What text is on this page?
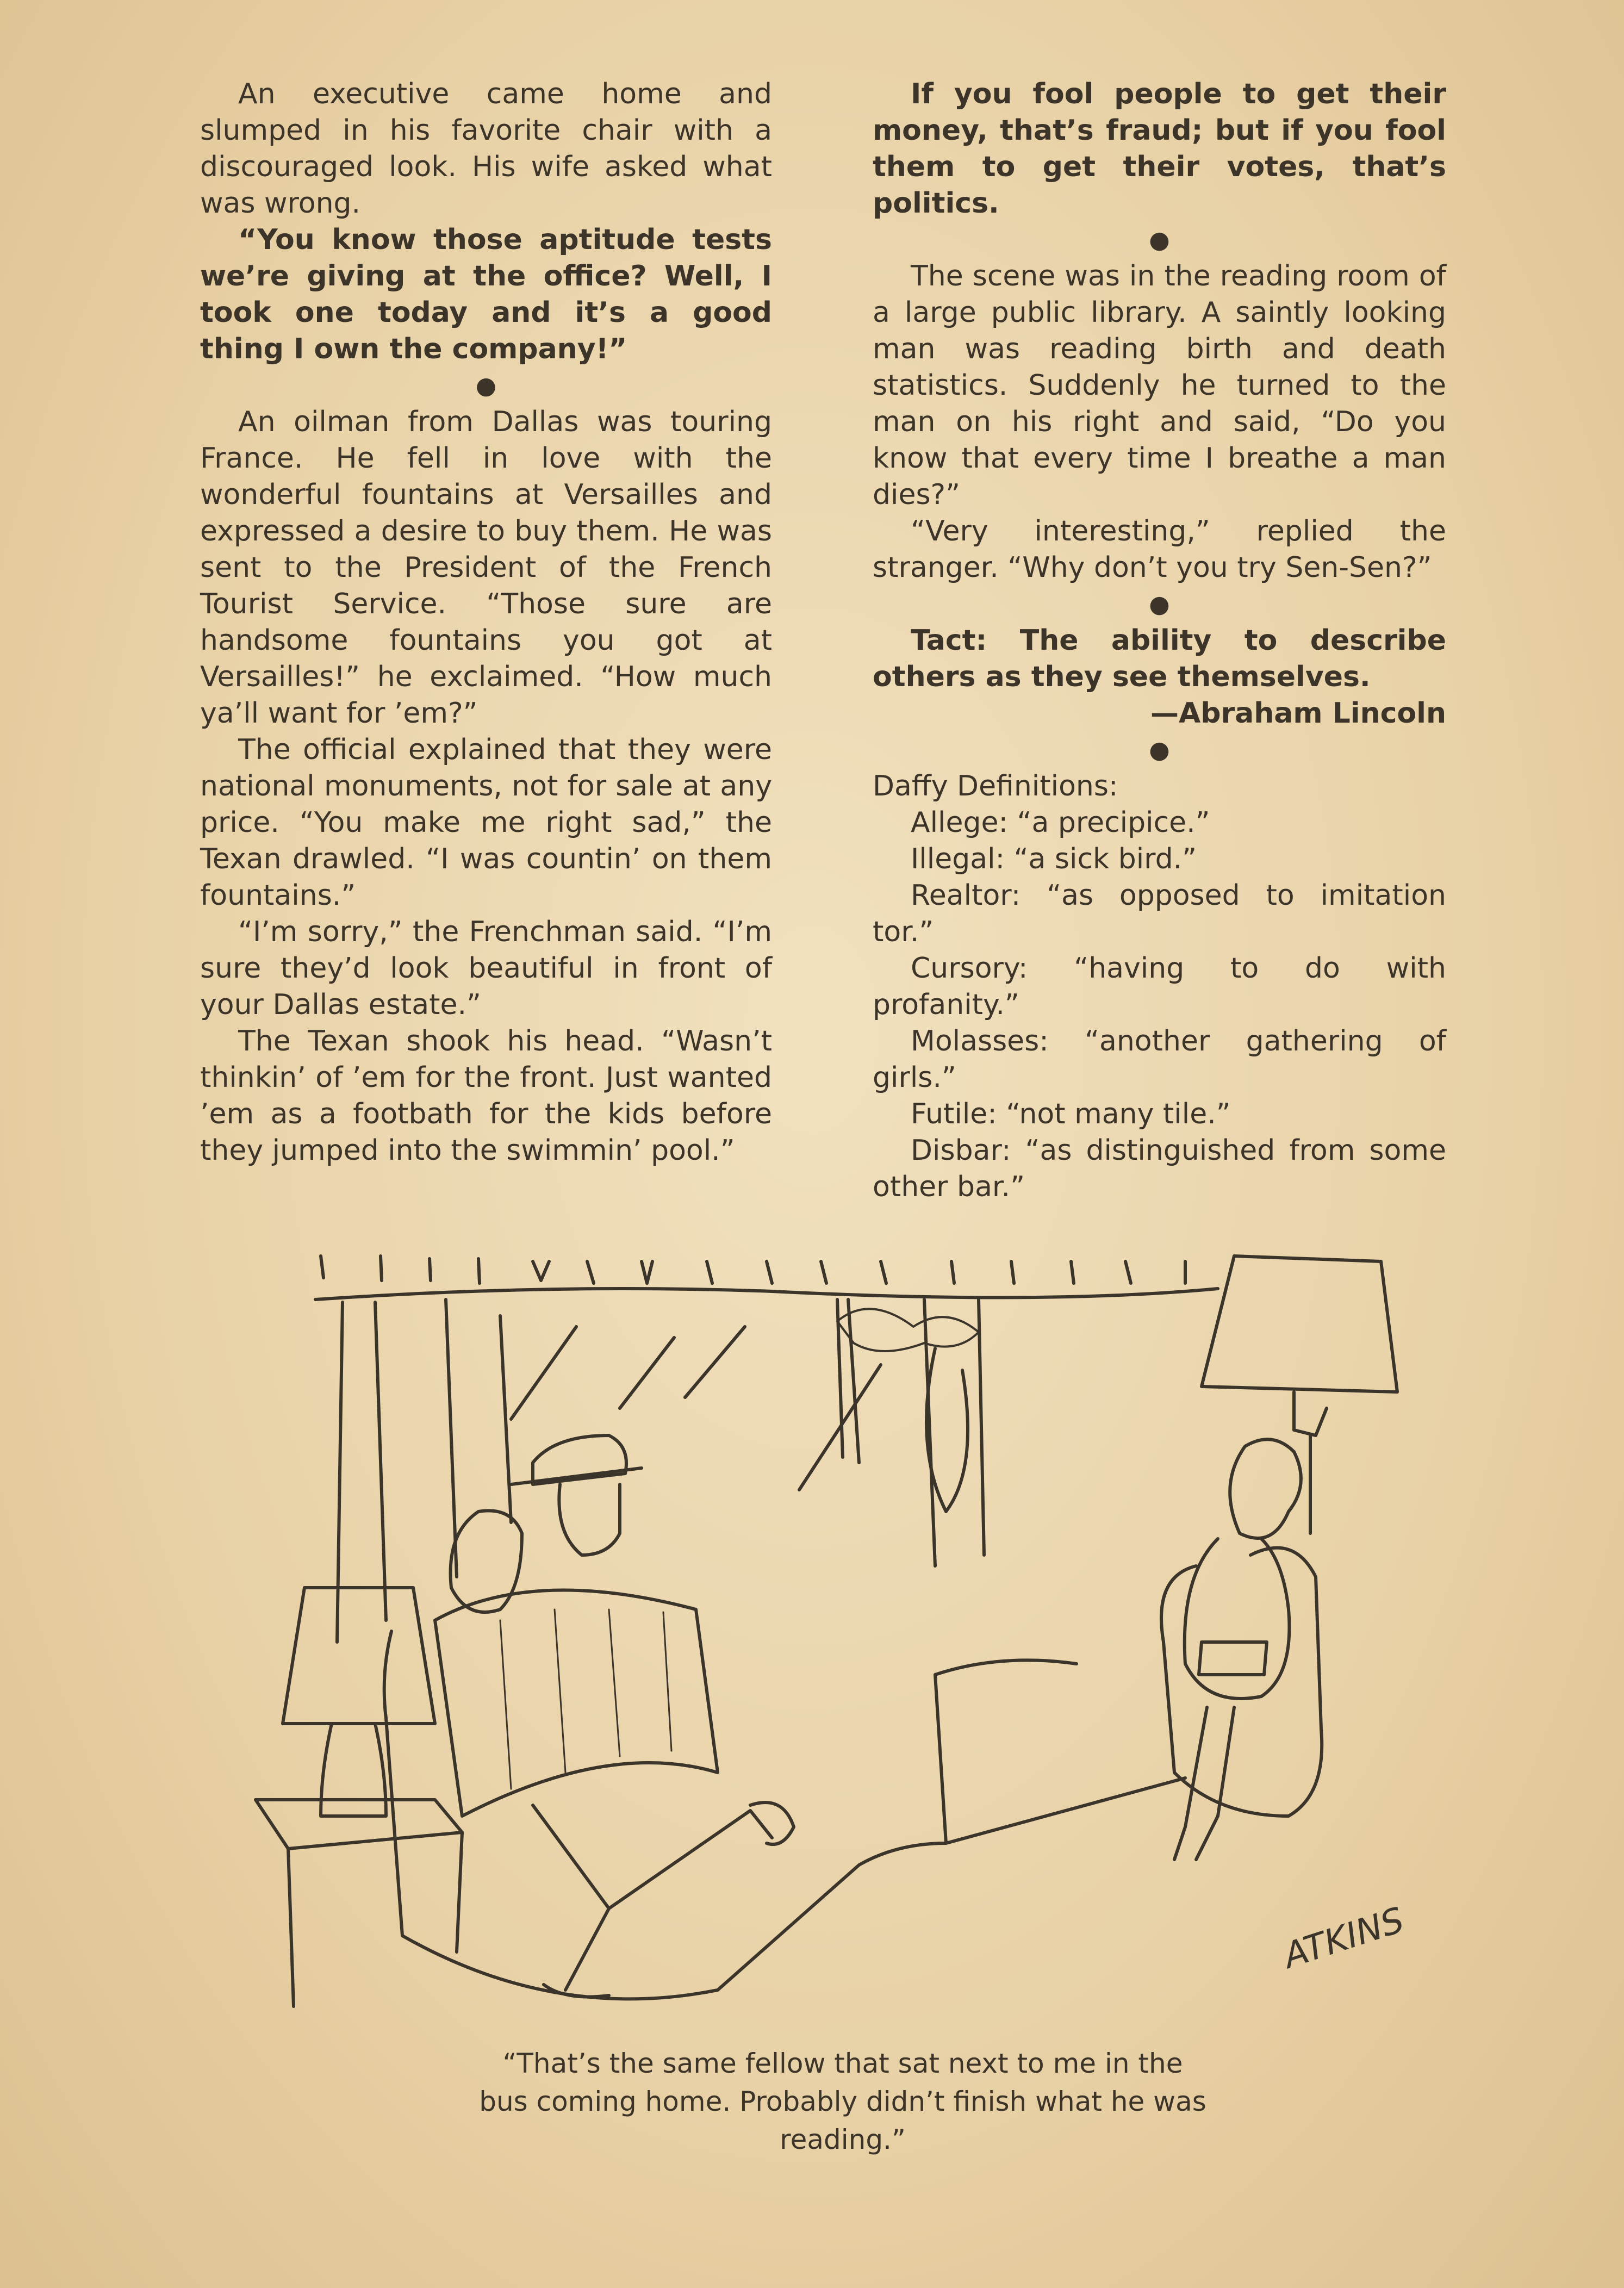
An executive came home and slumped in his favorite chair with a discouraged look. His wife asked what was wrong.

“You know those aptitude tests we’re giving at the office? Well, I took one today and it’s a good thing I own the company!”

●

An oilman from Dallas was touring France. He fell in love with the wonderful fountains at Versailles and expressed a desire to buy them. He was sent to the President of the French Tourist Service. “Those sure are handsome fountains you got at Versailles!” he exclaimed. “How much ya’ll want for ’em?”

The official explained that they were national monuments, not for sale at any price. “You make me right sad,” the Texan drawled. “I was countin’ on them fountains.”

“I’m sorry,” the Frenchman said. “I’m sure they’d look beautiful in front of your Dallas estate.”

The Texan shook his head. “Wasn’t thinkin’ of ’em for the front. Just wanted ’em as a footbath for the kids before they jumped into the swimmin’ pool.”

If you fool people to get their money, that’s fraud; but if you fool them to get their votes, that’s politics.

●

The scene was in the reading room of a large public library. A saintly looking man was reading birth and death statistics. Suddenly he turned to the man on his right and said, “Do you know that every time I breathe a man dies?”

“Very interesting,” replied the stranger. “Why don’t you try Sen-Sen?”

●

Tact: The ability to describe others as they see themselves.

—Abraham Lincoln

●

Daffy Definitions:

Allege: “a precipice.”

Illegal: “a sick bird.”

Realtor: “as opposed to imitation tor.”

Cursory: “having to do with profanity.”

Molasses: “another gathering of girls.”

Futile: “not many tile.”

Disbar: “as distinguished from some other bar.”

ATKINS
“That’s the same fellow that sat next to me in the bus coming home. Probably didn’t finish what he was reading.”
